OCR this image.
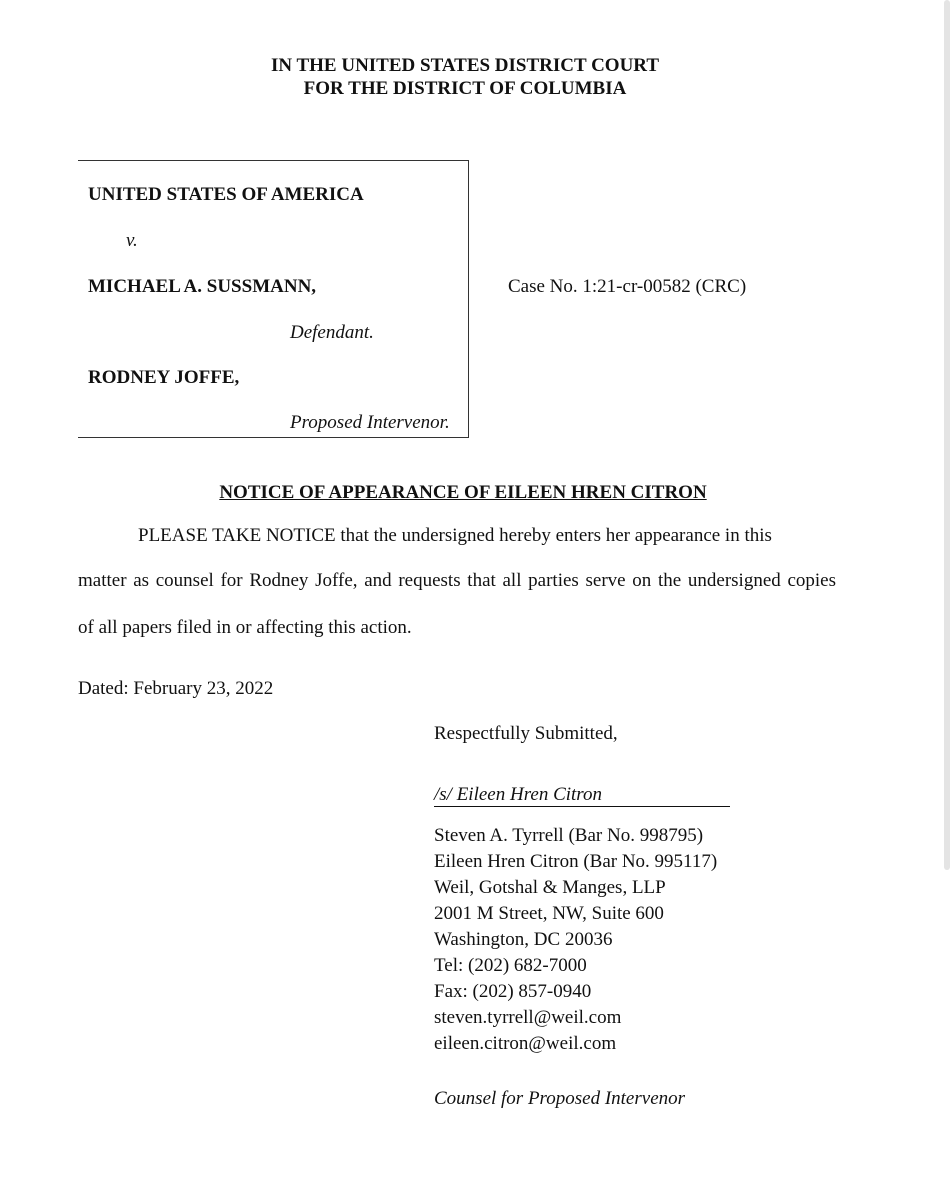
IN THE UNITED STATES DISTRICT COURT
FOR THE DISTRICT OF COLUMBIA
UNITED STATES OF AMERICA
v.
MICHAEL A. SUSSMANN,
Defendant.
RODNEY JOFFE,
Proposed Intervenor.
Case No. 1:21-cr-00582 (CRC)
NOTICE OF APPEARANCE OF EILEEN HREN CITRON
PLEASE TAKE NOTICE that the undersigned hereby enters her appearance in this
matter as counsel for Rodney Joffe, and requests that all parties serve on the undersigned copies
of all papers filed in or affecting this action.
Dated: February 23, 2022
Respectfully Submitted,
/s/ Eileen Hren Citron
Steven A. Tyrrell (Bar No. 998795)
Eileen Hren Citron (Bar No. 995117)
Weil, Gotshal & Manges, LLP
2001 M Street, NW, Suite 600
Washington, DC 20036
Tel: (202) 682-7000
Fax: (202) 857-0940
steven.tyrrell@weil.com
eileen.citron@weil.com
Counsel for Proposed Intervenor
